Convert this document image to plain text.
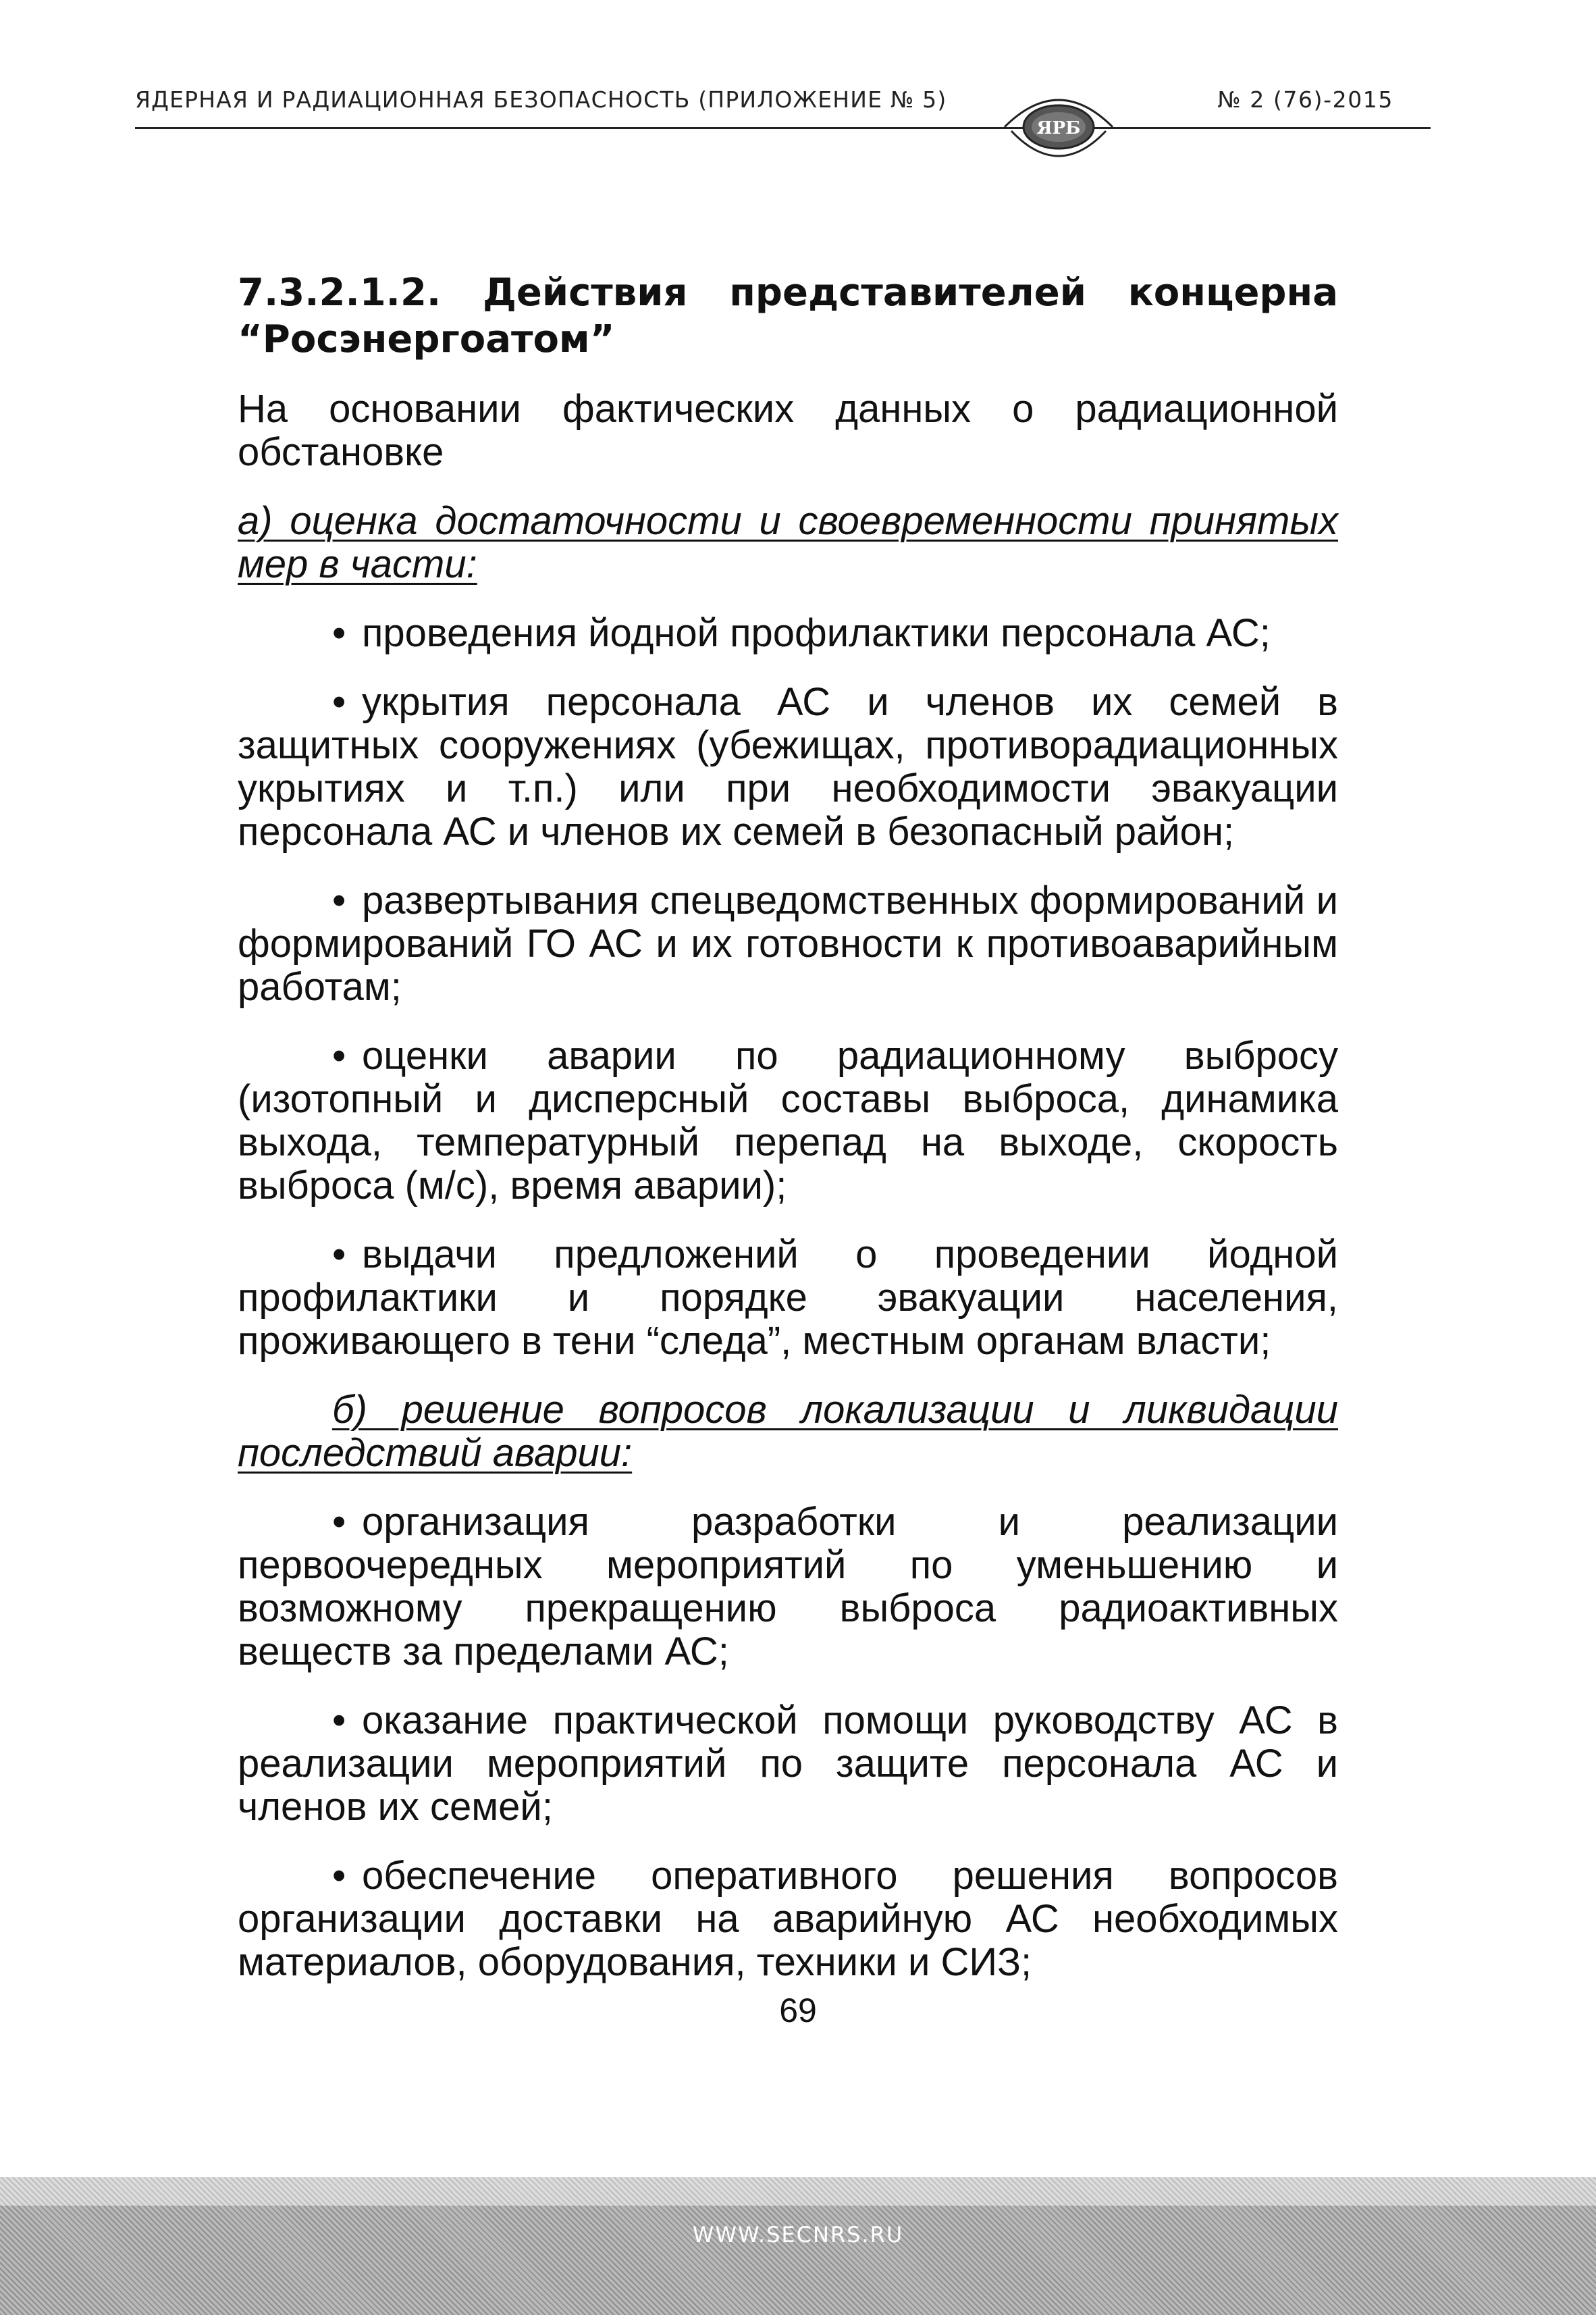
ЯДЕРНАЯ И РАДИАЦИОННАЯ БЕЗОПАСНОСТЬ (ПРИЛОЖЕНИЕ № 5)	№ 2 (76)-2015
ЯРБ

7.3.2.1.2. Действия представителей концерна

“Росэнергоатом”

На основании фактических данных о радиационной обстановке

а) оценка достаточности и своевременности принятых мер в части:

• проведения йодной профилактики персонала АС;

• укрытия персонала АС и членов их семей в защитных сооружениях (убежищах, противорадиационных укрытиях и т.п.) или при необходимости эвакуации персонала АС и членов их семей в безопасный район;

• развертывания спецведомственных формирований и формирований ГО АС и их готовности к противоаварийным работам;

• оценки аварии по радиационному выбросу (изотопный и дисперсный составы выброса, динамика выхода, температурный перепад на выходе, скорость выброса (м/с), время аварии);

• выдачи предложений о проведении йодной профилактики и порядке эвакуации населения, проживающего в тени “следа”, местным органам власти;

б) решение вопросов локализации и ликвидации последствий аварии:

• организация разработки и реализации первоочередных мероприятий по уменьшению и возможному прекращению выброса радиоактивных веществ за пределами АС;

• оказание практической помощи руководству АС в реализации мероприятий по защите персонала АС и членов их семей;

• обеспечение оперативного решения вопросов организации доставки на аварийную АС необходимых материалов, оборудования, техники и СИЗ;

69
WWW.SECNRS.RU
